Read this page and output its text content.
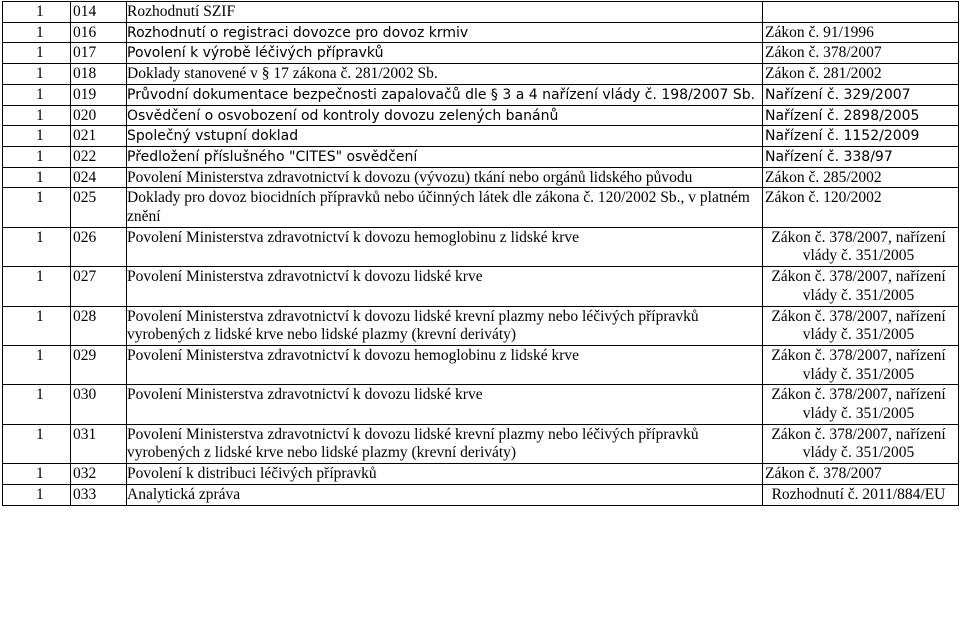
1	014	Rozhodnutí SZIF	
1	016	Rozhodnutí o registraci dovozce pro dovoz krmiv	Zákon č. 91/1996
1	017	Povolení k výrobě léčivých přípravků	Zákon č. 378/2007
1	018	Doklady stanovené v § 17 zákona č. 281/2002 Sb.	Zákon č. 281/2002
1	019	Průvodní dokumentace bezpečnosti zapalovačů dle § 3 a 4 nařízení vlády č. 198/2007 Sb.	Nařízení č. 329/2007
1	020	Osvědčení o osvobození od kontroly dovozu zelených banánů	Nařízení č. 2898/2005
1	021	Společný vstupní doklad	Nařízení č. 1152/2009
1	022	Předložení příslušného "CITES" osvědčení	Nařízení č. 338/97
1	024	Povolení Ministerstva zdravotnictví k dovozu (vývozu) tkání nebo orgánů lidského původu	Zákon č. 285/2002
1	025	Doklady pro dovoz biocidních přípravků nebo účinných látek dle zákona č. 120/2002 Sb., v platném znění	Zákon č. 120/2002
1	026	Povolení Ministerstva zdravotnictví k dovozu hemoglobinu z lidské krve	Zákon č. 378/2007, nařízení vlády č. 351/2005
1	027	Povolení Ministerstva zdravotnictví k dovozu lidské krve	Zákon č. 378/2007, nařízení vlády č. 351/2005
1	028	Povolení Ministerstva zdravotnictví k dovozu lidské krevní plazmy nebo léčivých přípravků vyrobených z lidské krve nebo lidské plazmy (krevní deriváty)	Zákon č. 378/2007, nařízení vlády č. 351/2005
1	029	Povolení Ministerstva zdravotnictví k dovozu hemoglobinu z lidské krve	Zákon č. 378/2007, nařízení vlády č. 351/2005
1	030	Povolení Ministerstva zdravotnictví k dovozu lidské krve	Zákon č. 378/2007, nařízení vlády č. 351/2005
1	031	Povolení Ministerstva zdravotnictví k dovozu lidské krevní plazmy nebo léčivých přípravků vyrobených z lidské krve nebo lidské plazmy (krevní deriváty)	Zákon č. 378/2007, nařízení vlády č. 351/2005
1	032	Povolení k distribuci léčivých přípravků	Zákon č. 378/2007
1	033	Analytická zpráva	Rozhodnutí č. 2011/884/EU
